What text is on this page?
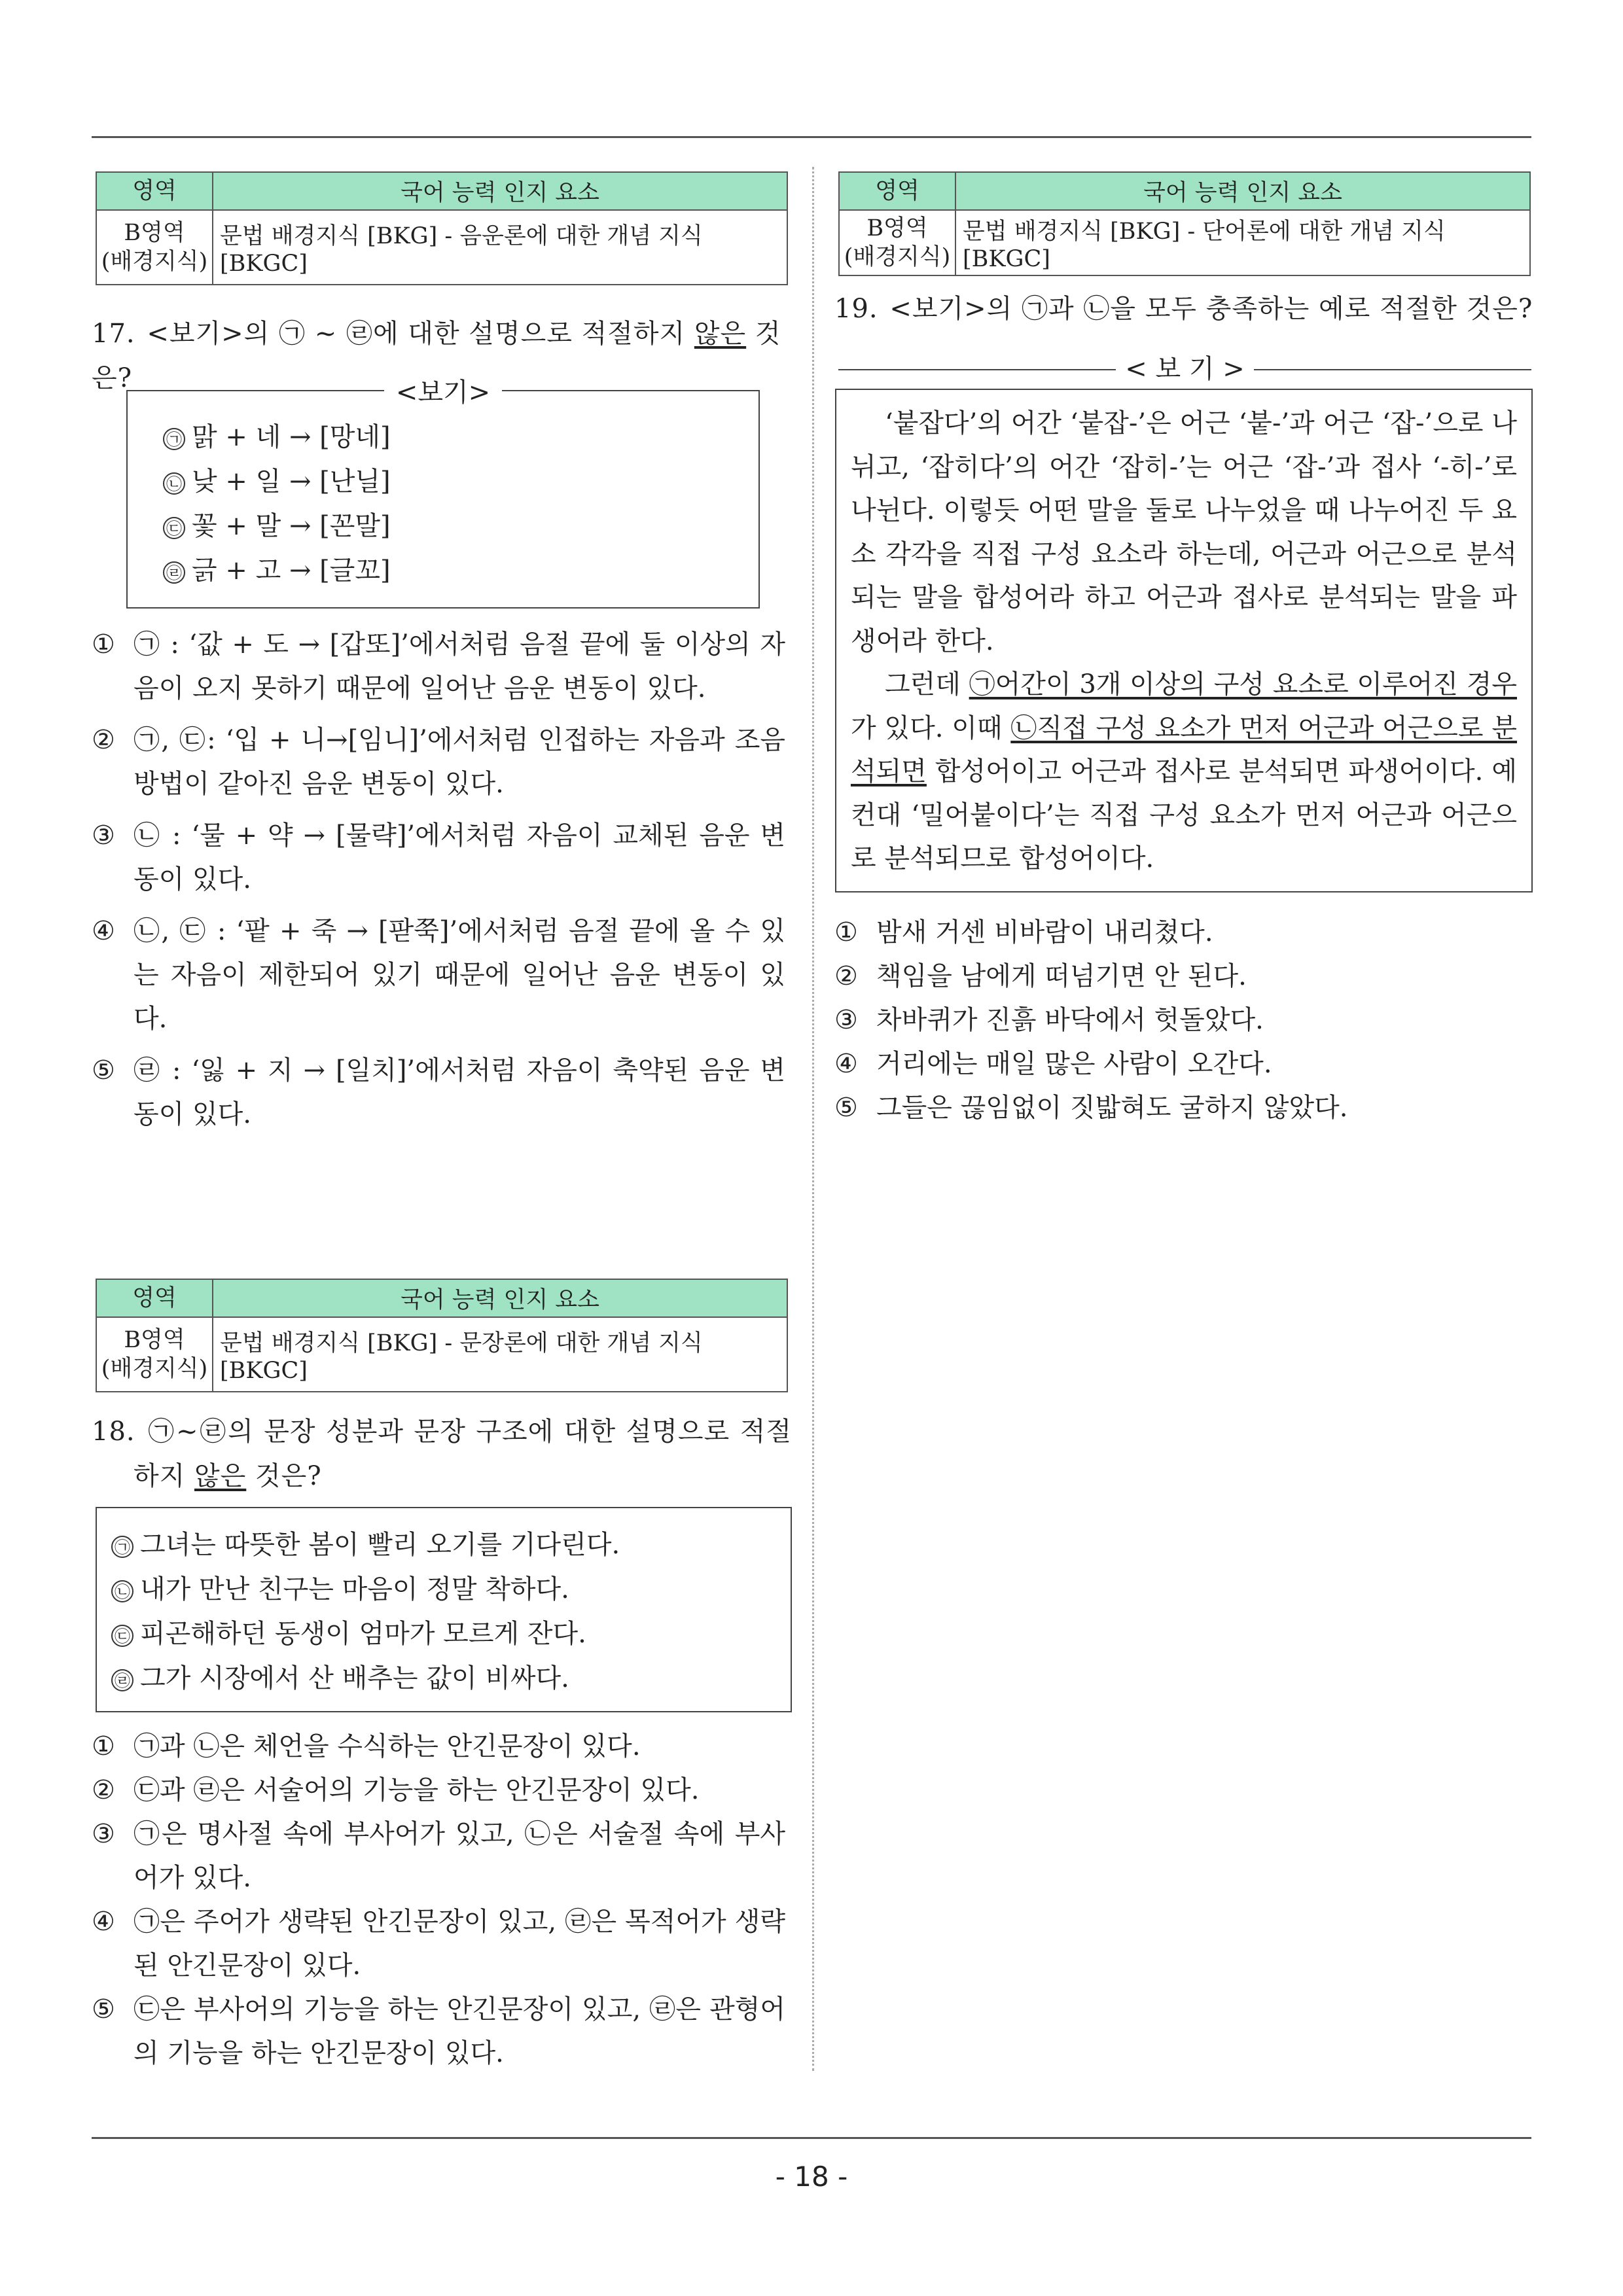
영역	국어 능력 인지 요소

B영역
(배경지식)	문법 배경지식 [BKG] - 음운론에 대한 개념 지식 [BKGC]
17. <보기>의 ㉠ ~ ㉣에 대한 설명으로 적절하지 않은 것은?	<보기>
㉠ 맑 + 네 → [망네]
㉡ 낮 + 일 → [난닐]
㉢ 꽃 + 말 → [꼰말]
㉣ 긁 + 고 → [글꼬]
① ㉠ : ‘값 + 도 → [갑또]’에서처럼 음절 끝에 둘 이상의 자음이 오지 못하기 때문에 일어난 음운 변동이 있다.
② ㉠, ㉢: ‘입 + 니→[임니]’에서처럼 인접하는 자음과 조음 방법이 같아진 음운 변동이 있다.
③ ㉡ : ‘물 + 약 → [물략]’에서처럼 자음이 교체된 음운 변동이 있다.
④ ㉡, ㉢ : ‘팥 + 죽 → [팓쭉]’에서처럼 음절 끝에 올 수 있는 자음이 제한되어 있기 때문에 일어난 음운 변동이 있다.
⑤ ㉣ : ‘잃 + 지 → [일치]’에서처럼 자음이 축약된 음운 변동이 있다.
영역	국어 능력 인지 요소

B영역
(배경지식)	문법 배경지식 [BKG] - 문장론에 대한 개념 지식 [BKGC]
18. ㉠~㉣의 문장 성분과 문장 구조에 대한 설명으로 적절하지 않은 것은?
㉠ 그녀는 따뜻한 봄이 빨리 오기를 기다린다.
㉡ 내가 만난 친구는 마음이 정말 착하다.
㉢ 피곤해하던 동생이 엄마가 모르게 잔다.
㉣ 그가 시장에서 산 배추는 값이 비싸다.
① ㉠과 ㉡은 체언을 수식하는 안긴문장이 있다.
② ㉢과 ㉣은 서술어의 기능을 하는 안긴문장이 있다.
③ ㉠은 명사절 속에 부사어가 있고, ㉡은 서술절 속에 부사어가 있다.
④ ㉠은 주어가 생략된 안긴문장이 있고, ㉣은 목적어가 생략된 안긴문장이 있다.
⑤ ㉢은 부사어의 기능을 하는 안긴문장이 있고, ㉣은 관형어의 기능을 하는 안긴문장이 있다.
영역	국어 능력 인지 요소

B영역
(배경지식)	문법 배경지식 [BKG] - 단어론에 대한 개념 지식 [BKGC]
19. <보기>의 ㉠과 ㉡을 모두 충족하는 예로 적절한 것은?
< 보 기 >
‘붙잡다’의 어간 ‘붙잡-’은 어근 ‘붙-’과 어근 ‘잡-’으로 나뉘고, ‘잡히다’의 어간 ‘잡히-’는 어근 ‘잡-’과 접사 ‘-히-’로 나뉜다. 이렇듯 어떤 말을 둘로 나누었을 때 나누어진 두 요소 각각을 직접 구성 요소라 하는데, 어근과 어근으로 분석되는 말을 합성어라 하고 어근과 접사로 분석되는 말을 파생어라 한다.
그런데 ㉠어간이 3개 이상의 구성 요소로 이루어진 경우가 있다. 이때 ㉡직접 구성 요소가 먼저 어근과 어근으로 분석되면 합성어이고 어근과 접사로 분석되면 파생어이다. 예컨대 ‘밀어붙이다’는 직접 구성 요소가 먼저 어근과 어근으로 분석되므로 합성어이다.
① 밤새 거센 비바람이 내리쳤다.
② 책임을 남에게 떠넘기면 안 된다.
③ 차바퀴가 진흙 바닥에서 헛돌았다.
④ 거리에는 매일 많은 사람이 오간다.
⑤ 그들은 끊임없이 짓밟혀도 굴하지 않았다.
- 18 -
